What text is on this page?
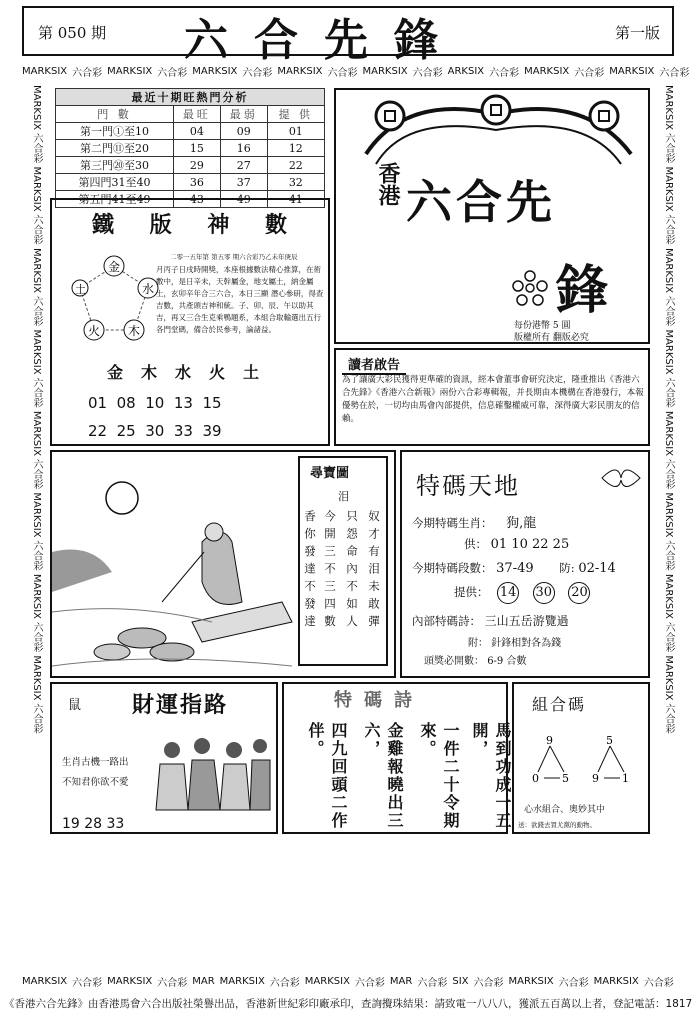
第 050 期 六合先鋒	第一版
MARKSIX 六合彩 MARKSIX 六合彩 MARKSIX 六合彩 MARKSIX 六合彩 MARKSIX 六合彩 ARKSIX 六合彩 MARKSIX 六合彩 MARKSIX 六合彩
MARKSIX 六合彩 MARKSIX 六合彩 MAR MARKSIX 六合彩 MARKSIX 六合彩 MAR 六合彩 SIX 六合彩 MARKSIX 六合彩 MARKSIX 六合彩
MARKSIX 六合彩 MARKSIX 六合彩 MARKSIX 六合彩 MARKSIX 六合彩 MARKSIX 六合彩 MARKSIX 六合彩 MARKSIX 六合彩 MARKSIX 六合彩	MARKSIX 六合彩 MARKSIX 六合彩 MARKSIX 六合彩 MARKSIX 六合彩 MARKSIX 六合彩 MARKSIX 六合彩 MARKSIX 六合彩 MARKSIX 六合彩
最近十期旺熱門分析			
門 數	最旺	最弱	提 供
第一門①至10	04	09	01
第二門⑪至20	15	16	12
第三門⑳至30	29	27	22
第四門31至40	36	37	32
第五門41至49	43	49	41
鐵 版 神 數
金
水
木
火
土
二零一五年第 第五零 期六合彩乃乙未年庚辰
月丙子日戌時開獎，本座根據數法精心推算，在術數中，是日辛未，天幹屬金，地支屬土，納金屬土，玄卯辛年合三六合，本日三顯 潛心參研，得查吉數，共產頭吉神和統。子、卯、辰、午以助其吉，再又三合生克乘鴨題系，本組合取輸選出五行各門堂碼，備合於民參考，論諸益。
金木水火土
01  08  10  13  15
22  25  30  33  39
香港 六合先
鋒
每份港幣 5 圓
版權所有 翻版必究
讀者啟告
為了讓廣大彩民獲得更準確的資訊，經本會董事會研究決定，隆重推出《香港六合先鋒》《香港六合新報》兩份六合彩專輯報，并長期由本機構在香港發行，本報優勢在於，一切均由馬會內部提供，信息確鑿權威可靠，深得廣大彩民朋友的信賴。
尋寶圖
泪
奴才有泪未敢彈
只怨命內不如人
今開三不三四數
香你發達不發達
特碼天地
今期特碼生肖： 狗,龍
供： 01 10 22 25
今期特碼段數： 37-49 防: 02-14
提供： 14 30 20
內部特碼詩： 三山五岳游覽過
附： 針鋒相對各為錢
頭獎必開數： 6-9 合數
鼠 財運指路
生肖古機一路出
不知君你欲不愛
19 28 33
特碼詩
馬到功成一五開，
一件二十令期來。
金雞報曉出三六，
四九回頭二作伴。
組合碼
9
0 5
5
9 1
心水組合、奧妙其中
送：欲錢去買尤黨的動物。
《香港六合先鋒》由香港馬會六合出版社榮譽出品，香港新世紀彩印廠承印，查詢攪珠結果：請致電一八八八，獲派五百萬以上者，登記電話：1817
